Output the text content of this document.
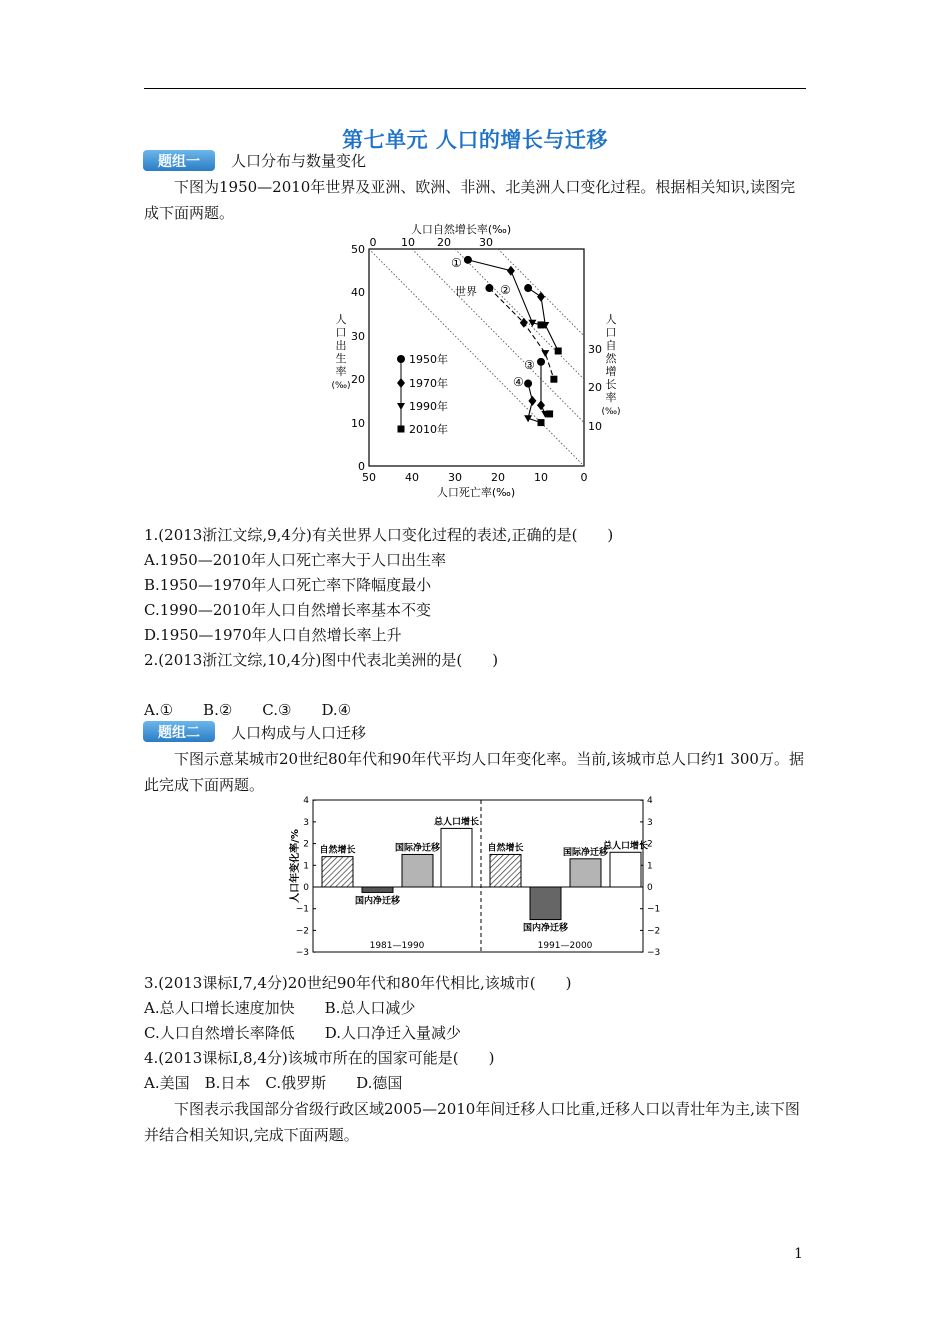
第七单元 人口的增长与迁移
题组一	人口分布与数量变化
下图为1950—2010年世界及亚洲、欧洲、非洲、北美洲人口变化过程。根据相关知识,读图完成下面两题。
人口自然增长率(‰)
0 10 20	30
50
40
30
20
10
0
30
20
10
50	40	30	20	10	0
人口死亡率(‰)
人
口
出
生
率
(‰)
人
口
自
然
增
长
率
(‰)
1950年
1970年
1990年
2010年
①
②
世界
③
④
1.(2013浙江文综,9,4分)有关世界人口变化过程的表述,正确的是(　　)
A.1950—2010年人口死亡率大于人口出生率
B.1950—1970年人口死亡率下降幅度最小
C.1990—2010年人口自然增长率基本不变
D.1950—1970年人口自然增长率上升
2.(2013浙江文综,10,4分)图中代表北美洲的是(　　)
A.①　　B.②　　C.③　　D.④
题组二	人口构成与人口迁移
下图示意某城市20世纪80年代和90年代平均人口年变化率。当前,该城市总人口约1 300万。据此完成下面两题。
人口年变化率/%
4	4
3	3
2	2
1	1
0	0
−1	−1
−2	−2
−3	−3
自然增长
国内净迁移
国际净迁移
总人口增长
自然增长
国内净迁移
国际净迁移
总人口增长
1981—1990	1991—2000
3.(2013课标Ⅰ,7,4分)20世纪90年代和80年代相比,该城市(　　)
A.总人口增长速度加快　　B.总人口减少
C.人口自然增长率降低　　D.人口净迁入量减少
4.(2013课标Ⅰ,8,4分)该城市所在的国家可能是(　　)
A.美国　B.日本　C.俄罗斯　　D.德国
下图表示我国部分省级行政区域2005—2010年间迁移人口比重,迁移人口以青壮年为主,读下图并结合相关知识,完成下面两题。
1
